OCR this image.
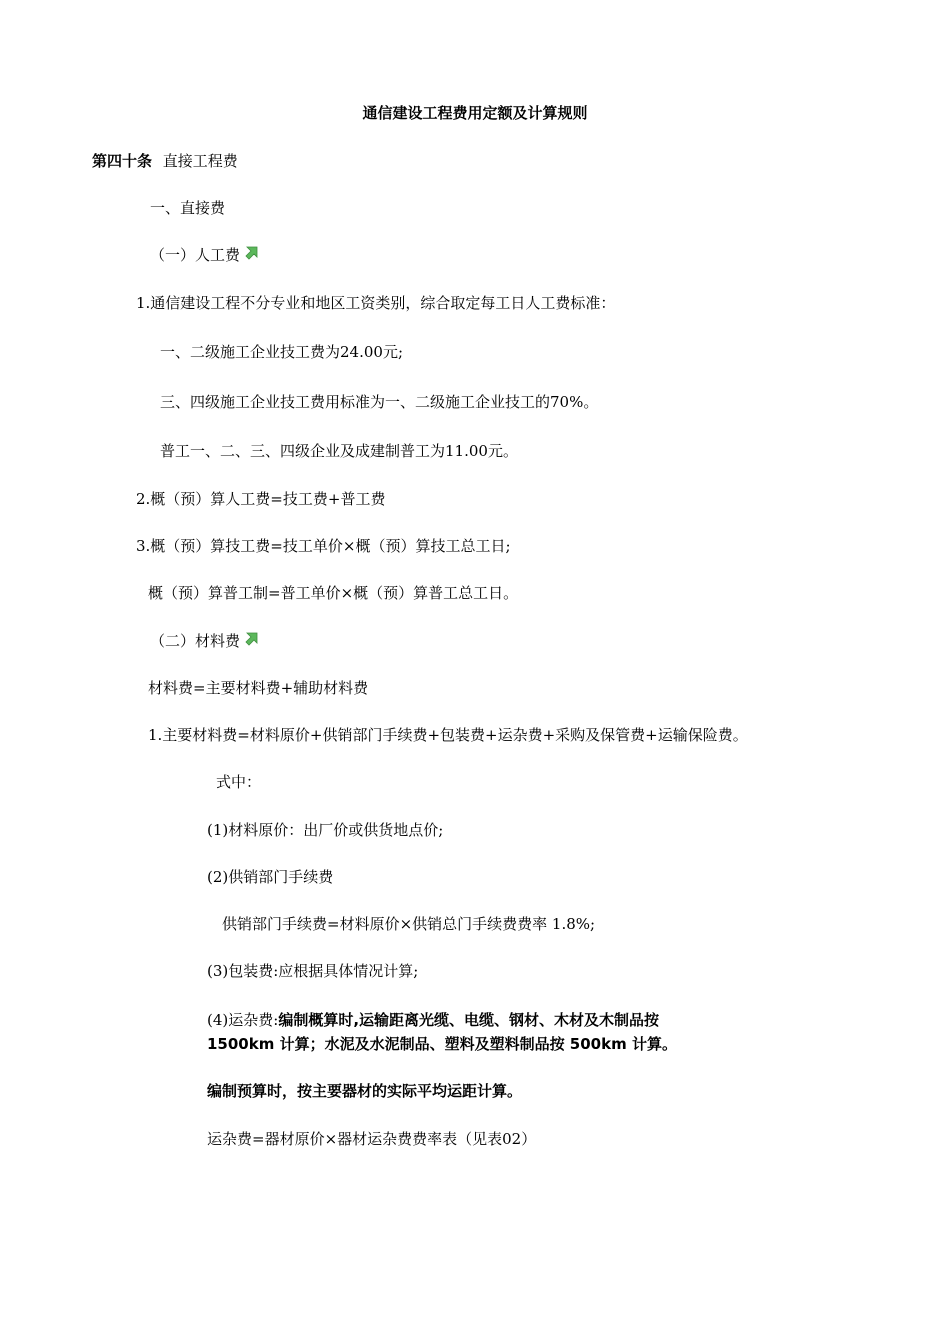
通信建设工程费用定额及计算规则
第四十条 直接工程费
一、直接费
（一）人工费
1.通信建设工程不分专业和地区工资类别，综合取定每工日人工费标准：
一、二级施工企业技工费为24.00元;
三、四级施工企业技工费用标准为一、二级施工企业技工的70%。
普工一、二、三、四级企业及成建制普工为11.00元。
2.概（预）算人工费=技工费+普工费
3.概（预）算技工费=技工单价×概（预）算技工总工日;
概（预）算普工制=普工单价×概（预）算普工总工日。
（二）材料费
材料费=主要材料费+辅助材料费
1.主要材料费=材料原价+供销部门手续费+包装费+运杂费+采购及保管费+运输保险费。
式中：
(1)材料原价：出厂价或供货地点价;
(2)供销部门手续费
供销部门手续费=材料原价×供销总门手续费费率 1.8%;
(3)包装费:应根据具体情况计算;
(4)运杂费:编制概算时,运输距离光缆、电缆、钢材、木材及木制品按
1500km 计算；水泥及水泥制品、塑料及塑料制品按 500km 计算。
编制预算时，按主要器材的实际平均运距计算。
运杂费=器材原价×器材运杂费费率表（见表02）
